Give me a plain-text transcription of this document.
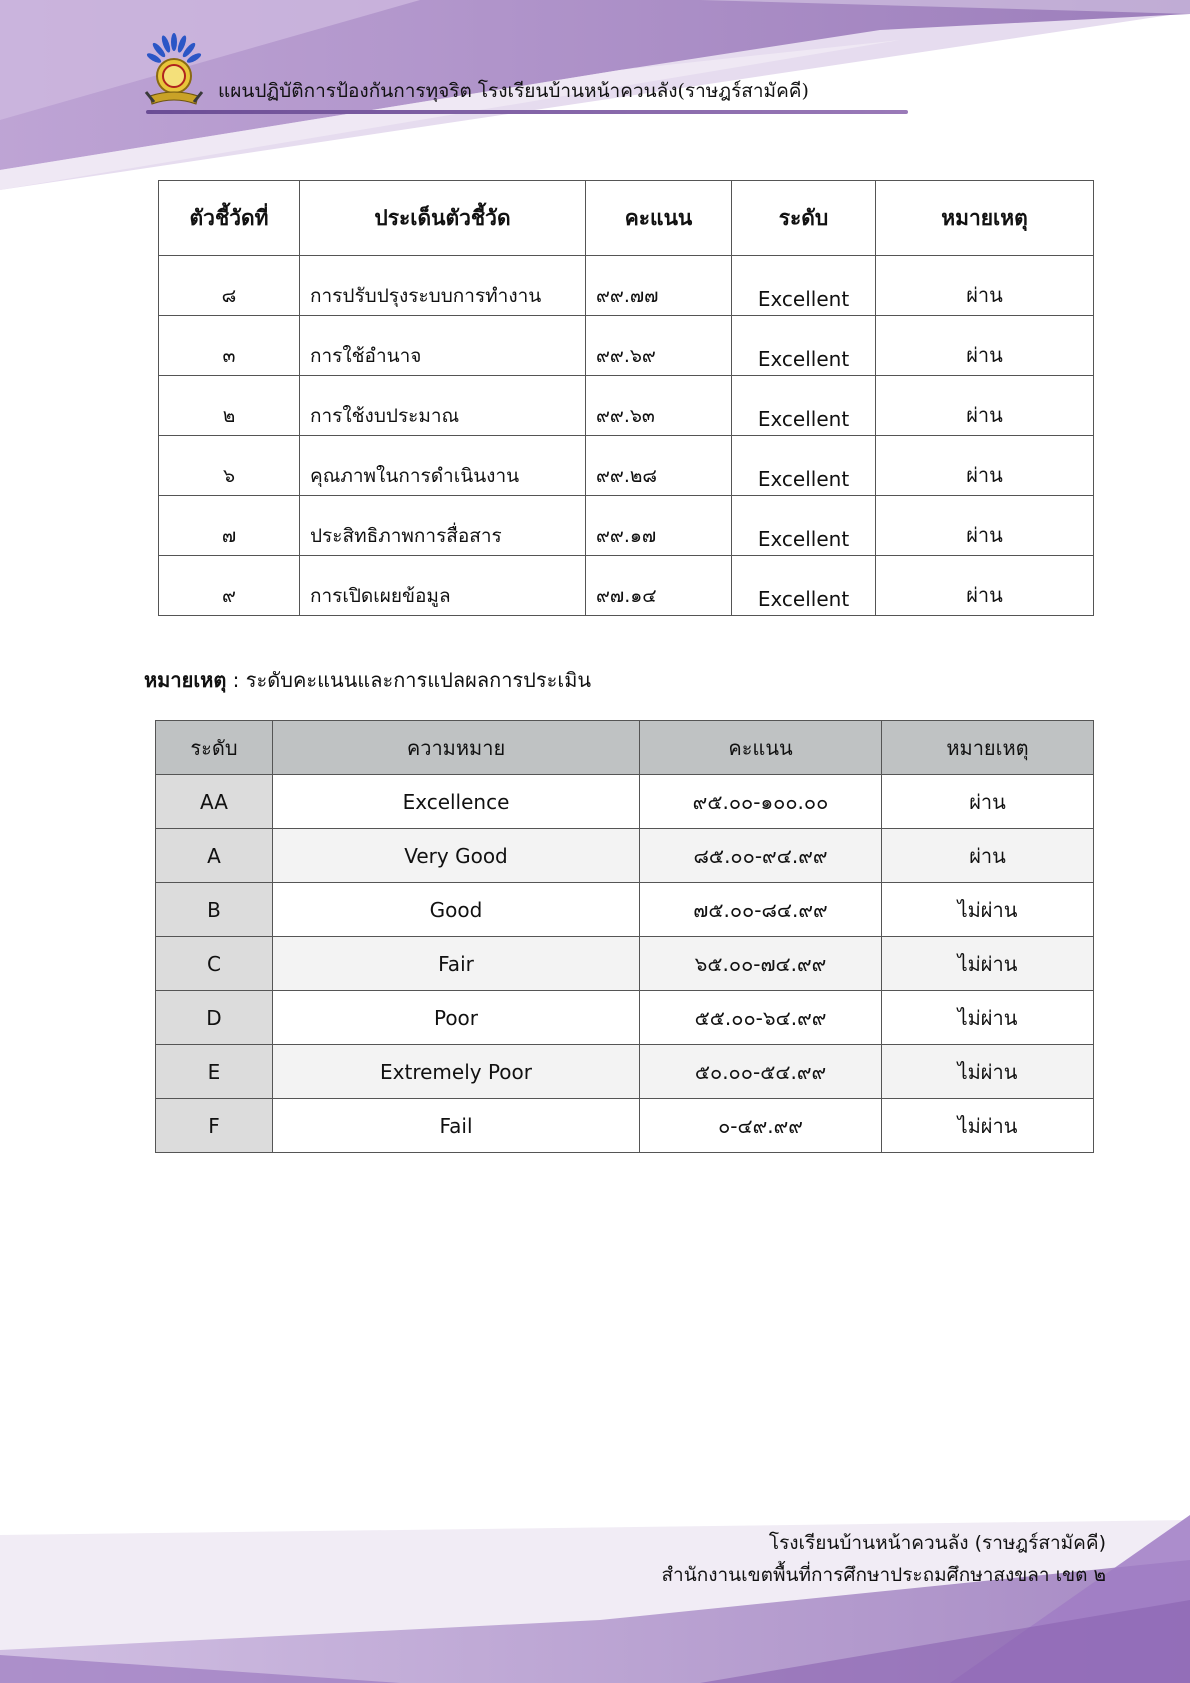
แผนปฏิบัติการป้องกันการทุจริต โรงเรียนบ้านหน้าควนลัง(ราษฎร์สามัคคี)
ตัวชี้วัดที่	ประเด็นตัวชี้วัด	คะแนน	ระดับ	หมายเหตุ
๘	การปรับปรุงระบบการทำงาน	๙๙.๗๗	Excellent	ผ่าน
๓	การใช้อำนาจ	๙๙.๖๙	Excellent	ผ่าน
๒	การใช้งบประมาณ	๙๙.๖๓	Excellent	ผ่าน
๖	คุณภาพในการดำเนินงาน	๙๙.๒๘	Excellent	ผ่าน
๗	ประสิทธิภาพการสื่อสาร	๙๙.๑๗	Excellent	ผ่าน
๙	การเปิดเผยข้อมูล	๙๗.๑๔	Excellent	ผ่าน
หมายเหตุ : ระดับคะแนนและการแปลผลการประเมิน
ระดับ	ความหมาย	คะแนน	หมายเหตุ
AA	Excellence	๙๕.๐๐-๑๐๐.๐๐	ผ่าน
A	Very Good	๘๕.๐๐-๙๔.๙๙	ผ่าน
B	Good	๗๕.๐๐-๘๔.๙๙	ไม่ผ่าน
C	Fair	๖๕.๐๐-๗๔.๙๙	ไม่ผ่าน
D	Poor	๕๕.๐๐-๖๔.๙๙	ไม่ผ่าน
E	Extremely Poor	๕๐.๐๐-๕๔.๙๙	ไม่ผ่าน
F	Fail	๐-๔๙.๙๙	ไม่ผ่าน
โรงเรียนบ้านหน้าควนลัง (ราษฎร์สามัคคี)
สำนักงานเขตพื้นที่การศึกษาประถมศึกษาสงขลา เขต ๒
